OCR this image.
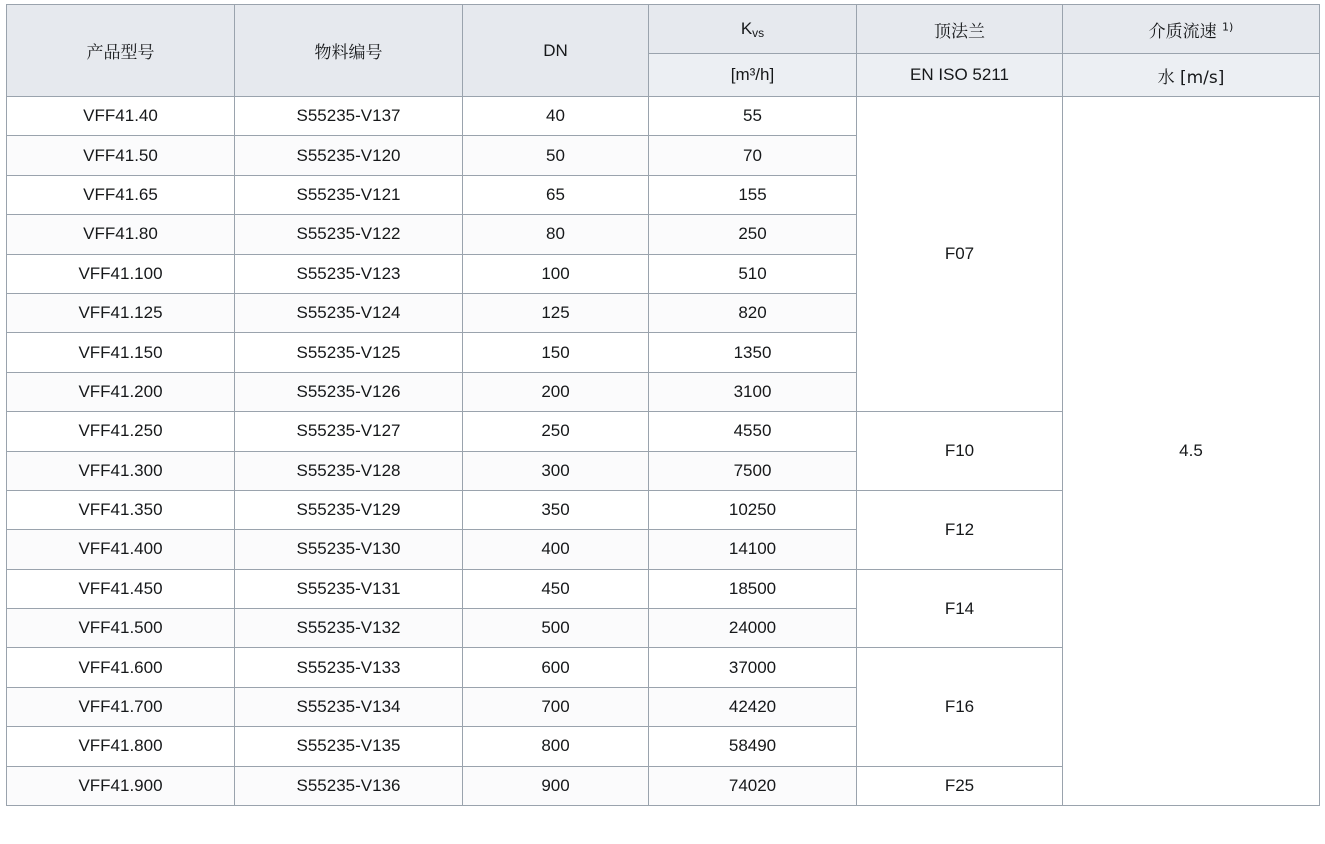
产品型号	物料编号	DN	$K_{vs}$	顶法兰	介质流速 $^{1)}$
			[m³/h]	EN ISO 5211	水 [m/s]
VFF41.40	S55235-V137	40	55	F07	4.5
VFF41.50	S55235-V120	50	70		
VFF41.65	S55235-V121	65	155		
VFF41.80	S55235-V122	80	250		
VFF41.100	S55235-V123	100	510		
VFF41.125	S55235-V124	125	820		
VFF41.150	S55235-V125	150	1350		
VFF41.200	S55235-V126	200	3100		
VFF41.250	S55235-V127	250	4550	F10	
VFF41.300	S55235-V128	300	7500		
VFF41.350	S55235-V129	350	10250	F12	
VFF41.400	S55235-V130	400	14100		
VFF41.450	S55235-V131	450	18500	F14	
VFF41.500	S55235-V132	500	24000		
VFF41.600	S55235-V133	600	37000	F16	
VFF41.700	S55235-V134	700	42420		
VFF41.800	S55235-V135	800	58490		
VFF41.900	S55235-V136	900	74020	F25	
